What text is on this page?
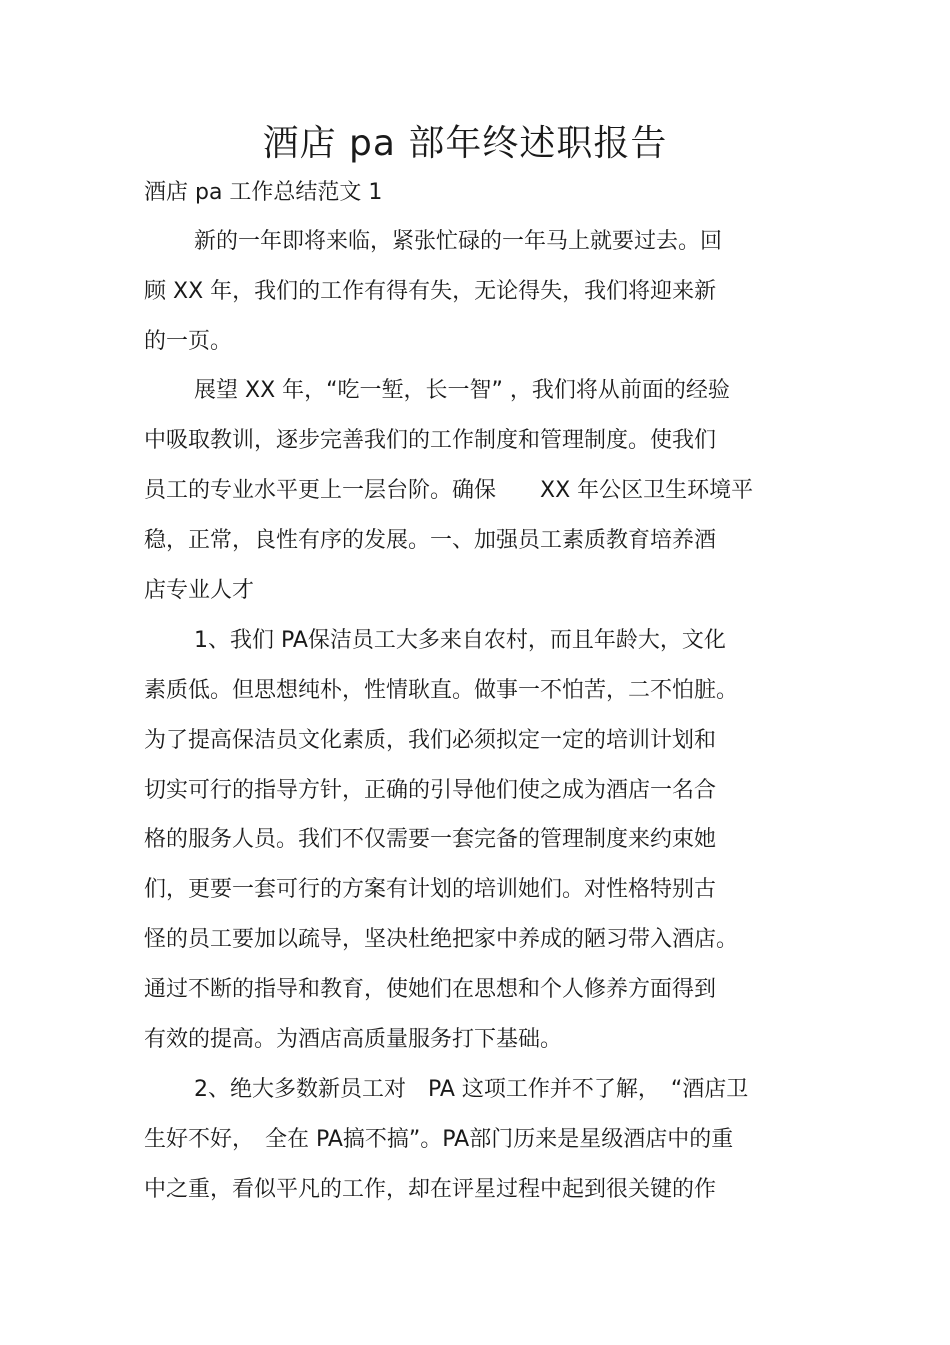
酒店 pa 部年终述职报告

酒店 pa 工作总结范文 1

新的一年即将来临，紧张忙碌的一年马上就要过去。回

顾 XX 年，我们的工作有得有失，无论得失，我们将迎来新

的一页。

展望 XX 年，“吃一堑，长一智” ，我们将从前面的经验

中吸取教训，逐步完善我们的工作制度和管理制度。使我们

员工的专业水平更上一层台阶。确保　　XX 年公区卫生环境平

稳，正常，良性有序的发展。一、加强员工素质教育培养酒

店专业人才

1、我们 PA保洁员工大多来自农村，而且年龄大，文化

素质低。但思想纯朴，性情耿直。做事一不怕苦，二不怕脏。

为了提高保洁员文化素质，我们必须拟定一定的培训计划和

切实可行的指导方针，正确的引导他们使之成为酒店一名合

格的服务人员。我们不仅需要一套完备的管理制度来约束她

们，更要一套可行的方案有计划的培训她们。对性格特别古

怪的员工要加以疏导，坚决杜绝把家中养成的陋习带入酒店。

通过不断的指导和教育，使她们在思想和个人修养方面得到

有效的提高。为酒店高质量服务打下基础。

2、绝大多数新员工对　PA 这项工作并不了解，　“酒店卫

生好不好，　全在 PA搞不搞”。PA部门历来是星级酒店中的重

中之重，看似平凡的工作，却在评星过程中起到很关键的作
